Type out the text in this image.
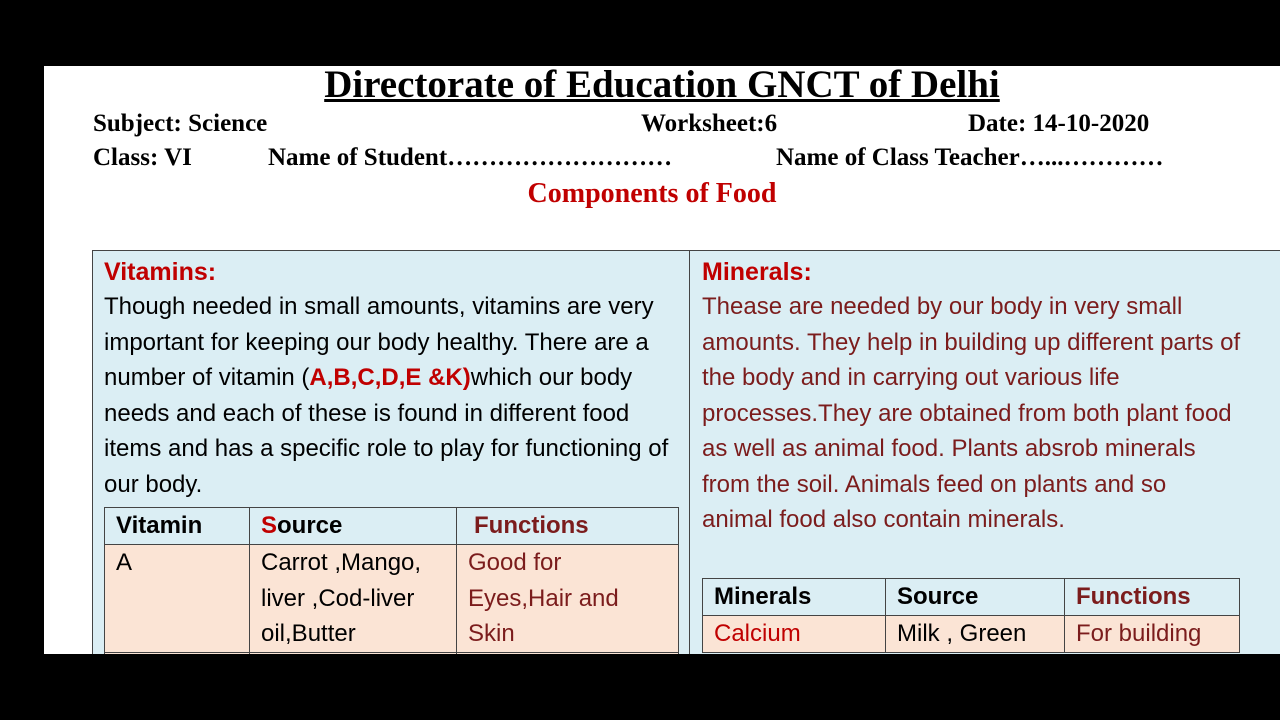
Directorate of Education GNCT of Delhi
Subject: Science	Worksheet:6	Date: 14-10-2020
Class: VI	Name of Student………………………	Name of Class Teacher…...…………
Components of Food
Vitamins:
Though needed in small amounts, vitamins are very important for keeping our body healthy. There are a number of vitamin (A,B,C,D,E &K)which our body needs and each of these is found in different food items and has a specific role to play for functioning of our body.
Vitamin	Source	Functions
A	Carrot ,Mango, liver ,Cod-liver oil,Butter	Good for Eyes,Hair and Skin

Minerals:
Thease are needed by our body in very small amounts. They help in building up different parts of the body and in carrying out various life processes.They are obtained from both plant food as well as animal food. Plants absrob minerals from the soil. Animals feed on plants and so animal food also contain minerals.
Minerals	Source	Functions
Calcium	Milk , Green	For building
